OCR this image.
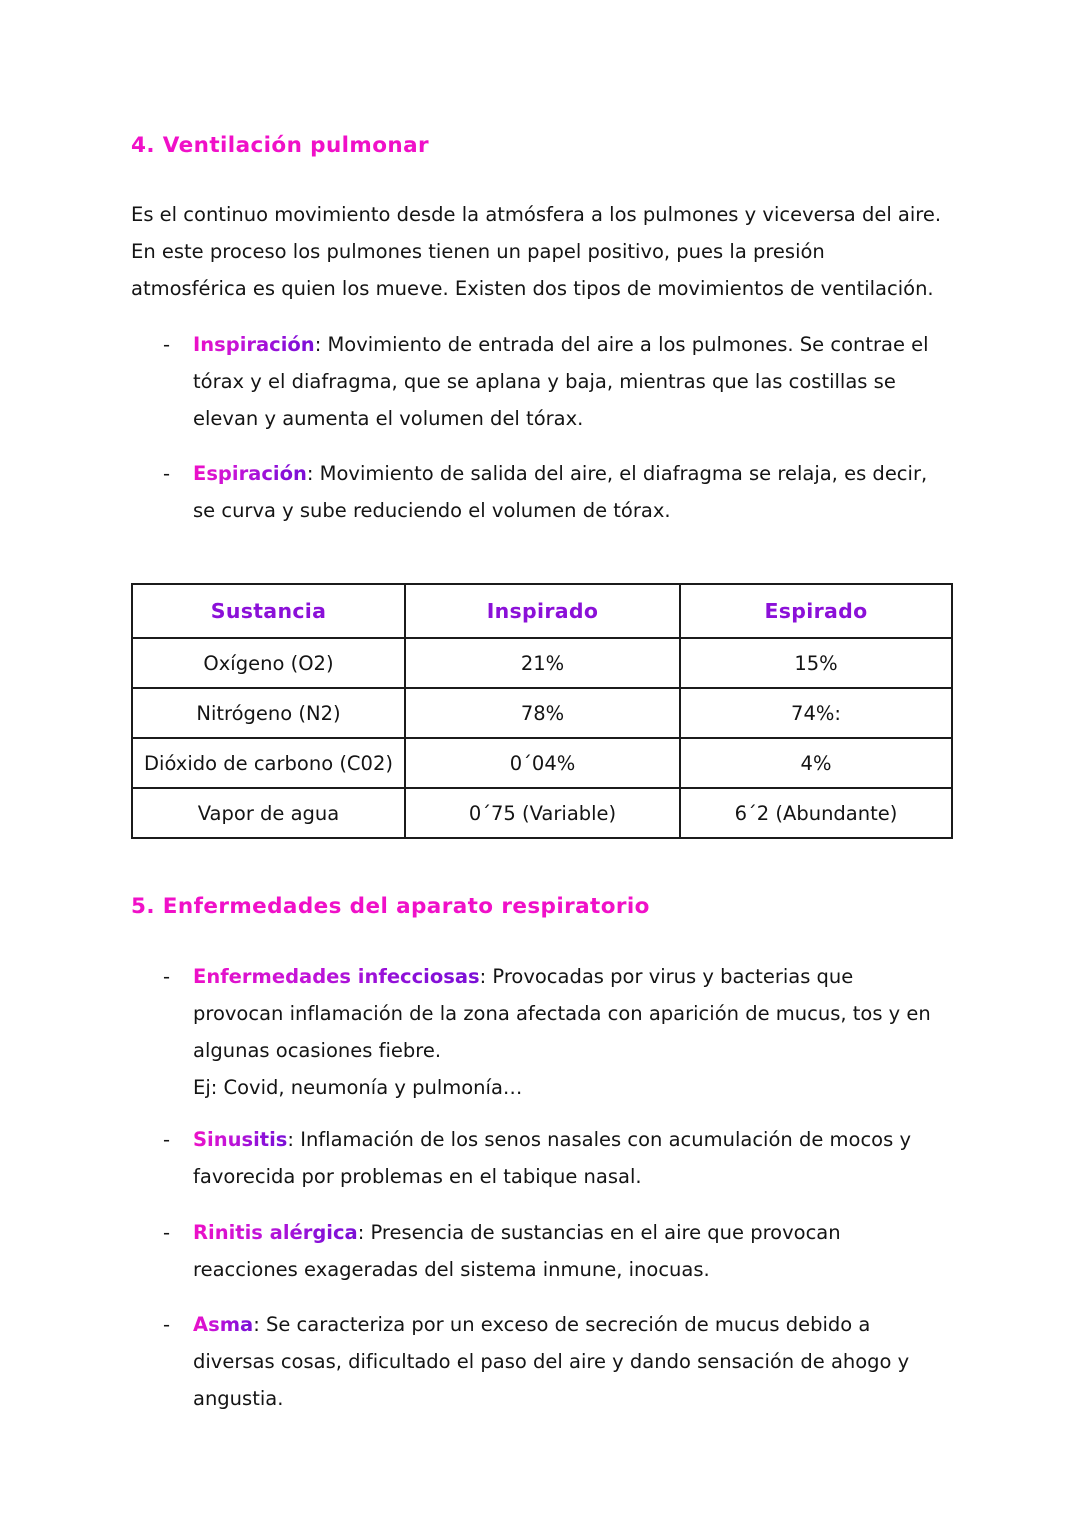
4. Ventilación pulmonar
Es el continuo movimiento desde la atmósfera a los pulmones y viceversa del aire. En este proceso los pulmones tienen un papel positivo, pues la presión atmosférica es quien los mueve. Existen dos tipos de movimientos de ventilación.
- Inspiración: Movimiento de entrada del aire a los pulmones. Se contrae el tórax y el diafragma, que se aplana y baja, mientras que las costillas se elevan y aumenta el volumen del tórax.
- Espiración: Movimiento de salida del aire, el diafragma se relaja, es decir, se curva y sube reduciendo el volumen de tórax.
Sustancia	Inspirado	Espirado
Oxígeno (O2)	21%	15%
Nitrógeno (N2)	78%	74%:
Dióxido de carbono (C02)	0´04%	4%
Vapor de agua	0´75 (Variable)	6´2 (Abundante)
5. Enfermedades del aparato respiratorio
- Enfermedades infecciosas: Provocadas por virus y bacterias que provocan inflamación de la zona afectada con aparición de mucus, tos y en algunas ocasiones fiebre.
Ej: Covid, neumonía y pulmonía…
- Sinusitis: Inflamación de los senos nasales con acumulación de mocos y favorecida por problemas en el tabique nasal.
- Rinitis alérgica: Presencia de sustancias en el aire que provocan reacciones exageradas del sistema inmune, inocuas.
- Asma: Se caracteriza por un exceso de secreción de mucus debido a diversas cosas, dificultado el paso del aire y dando sensación de ahogo y angustia.
